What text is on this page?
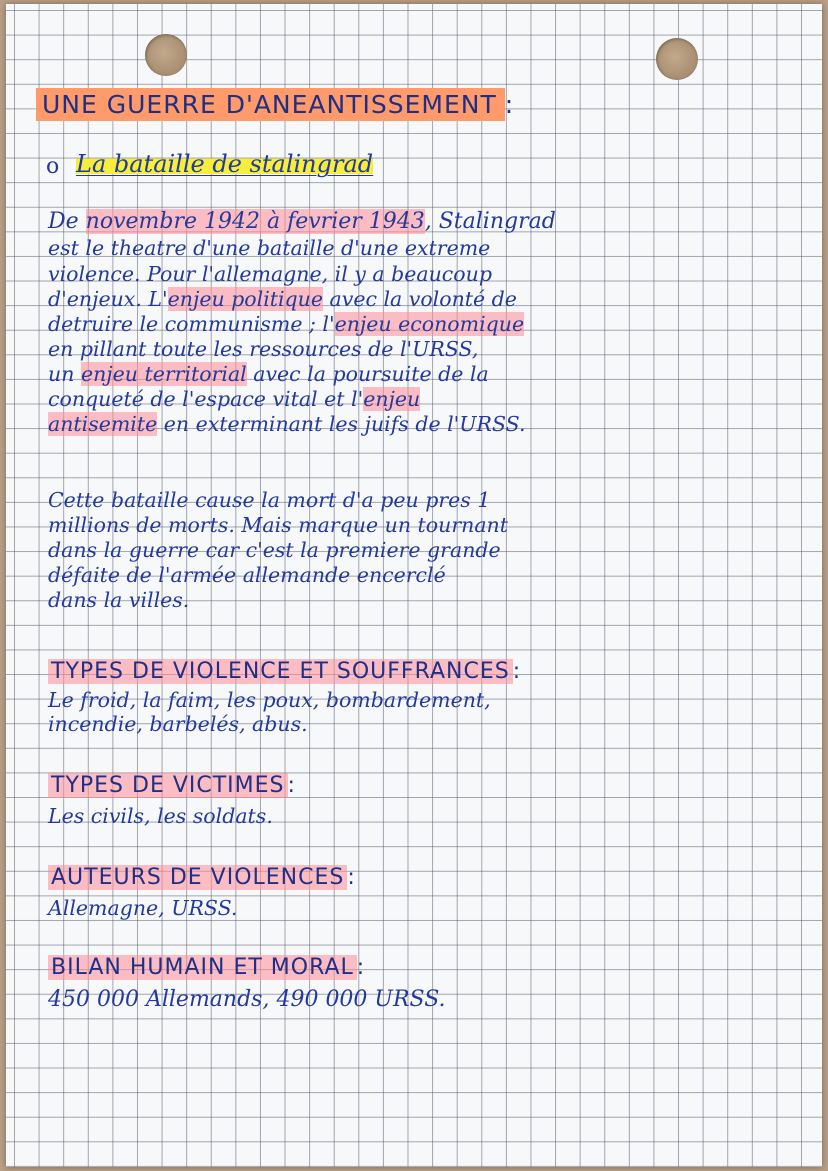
UNE GUERRE D'ANEANTISSEMENT :

o La bataille de stalingrad

De novembre 1942 à fevrier 1943, Stalingrad

est le theatre d'une bataille d'une extreme

violence. Pour l'allemagne, il y a beaucoup

d'enjeux. L'enjeu politique avec la volonté de

detruire le communisme ; l'enjeu economique

en pillant toute les ressources de l'URSS,

un enjeu territorial avec la poursuite de la

conqueté de l'espace vital et l'enjeu

antisemite en exterminant les juifs de l'URSS.

Cette bataille cause la mort d'a peu pres 1

millions de morts. Mais marque un tournant

dans la guerre car c'est la premiere grande

défaite de l'armée allemande encerclé

dans la villes.

TYPES DE VIOLENCE ET SOUFFRANCES :

Le froid, la faim, les poux, bombardement,

incendie, barbelés, abus.

TYPES DE VICTIMES :

Les civils, les soldats.

AUTEURS DE VIOLENCES :

Allemagne, URSS.

BILAN HUMAIN ET MORAL :

450 000 Allemands, 490 000 URSS.
